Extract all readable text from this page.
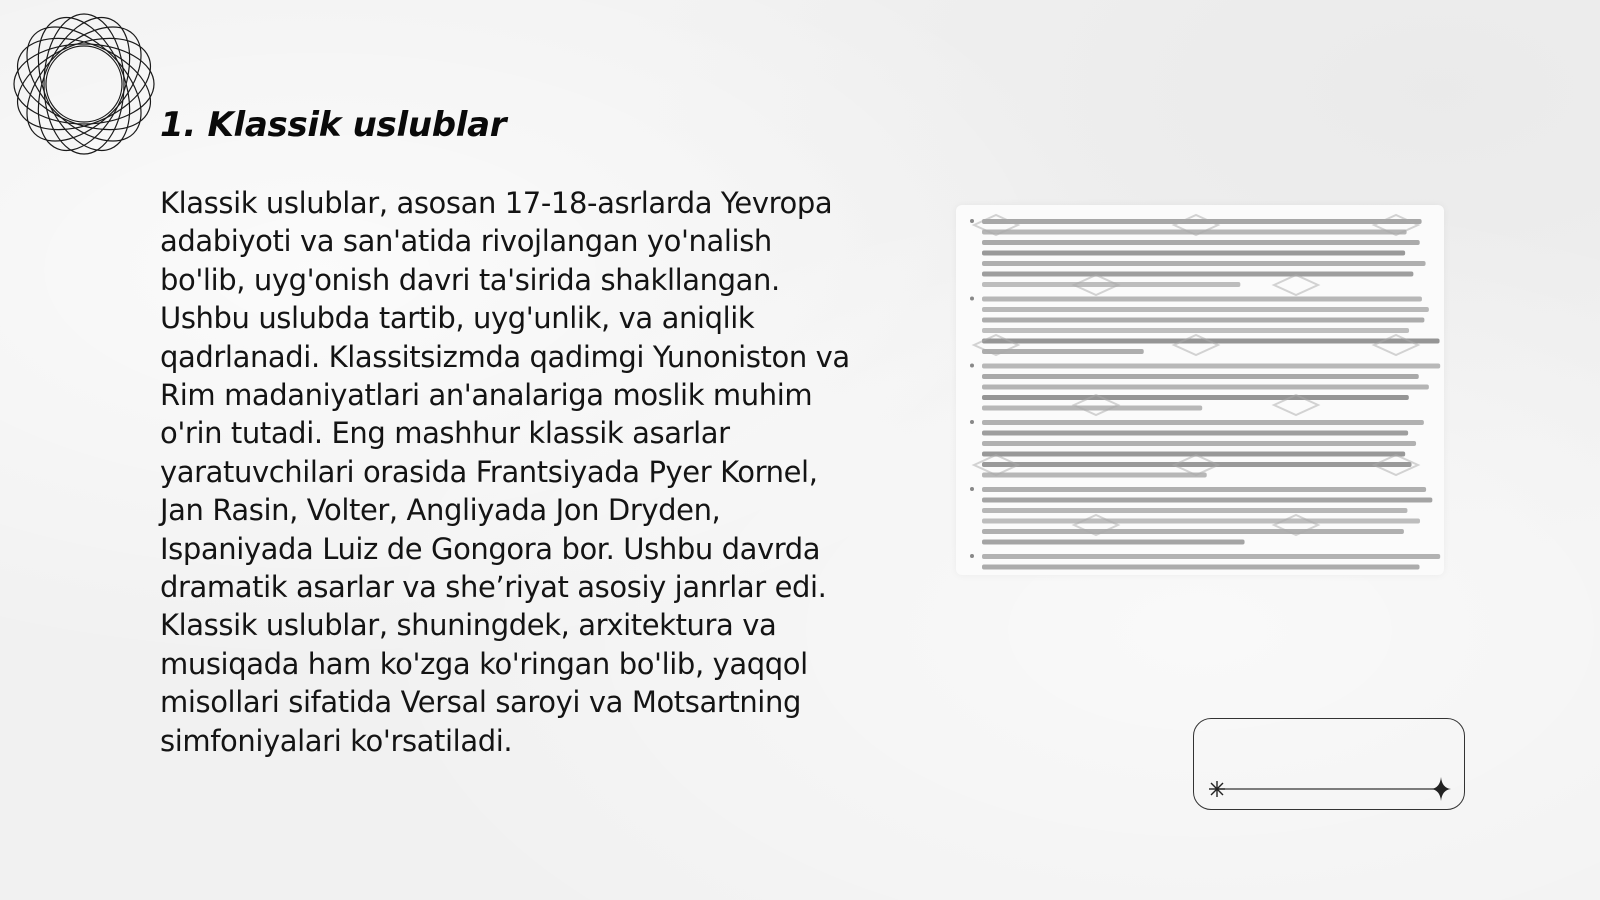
1. Klassik uslublar

Klassik uslublar, asosan 17-18-asrlarda Yevropa adabiyoti va san'atida rivojlangan yo'nalish bo'lib, uyg'onish davri ta'sirida shakllangan. Ushbu uslubda tartib, uyg'unlik, va aniqlik qadrlanadi. Klassitsizmda qadimgi Yunoniston va Rim madaniyatlari an'analariga moslik muhim o'rin tutadi. Eng mashhur klassik asarlar yaratuvchilari orasida Frantsiyada Pyer Kornel, Jan Rasin, Volter, Angliyada Jon Dryden, Ispaniyada Luiz de Gongora bor. Ushbu davrda dramatik asarlar va she’riyat asosiy janrlar edi. Klassik uslublar, shuningdek, arxitektura va musiqada ham ko'zga ko'ringan bo'lib, yaqqol misollari sifatida Versal saroyi va Motsartning simfoniyalari ko'rsatiladi.
